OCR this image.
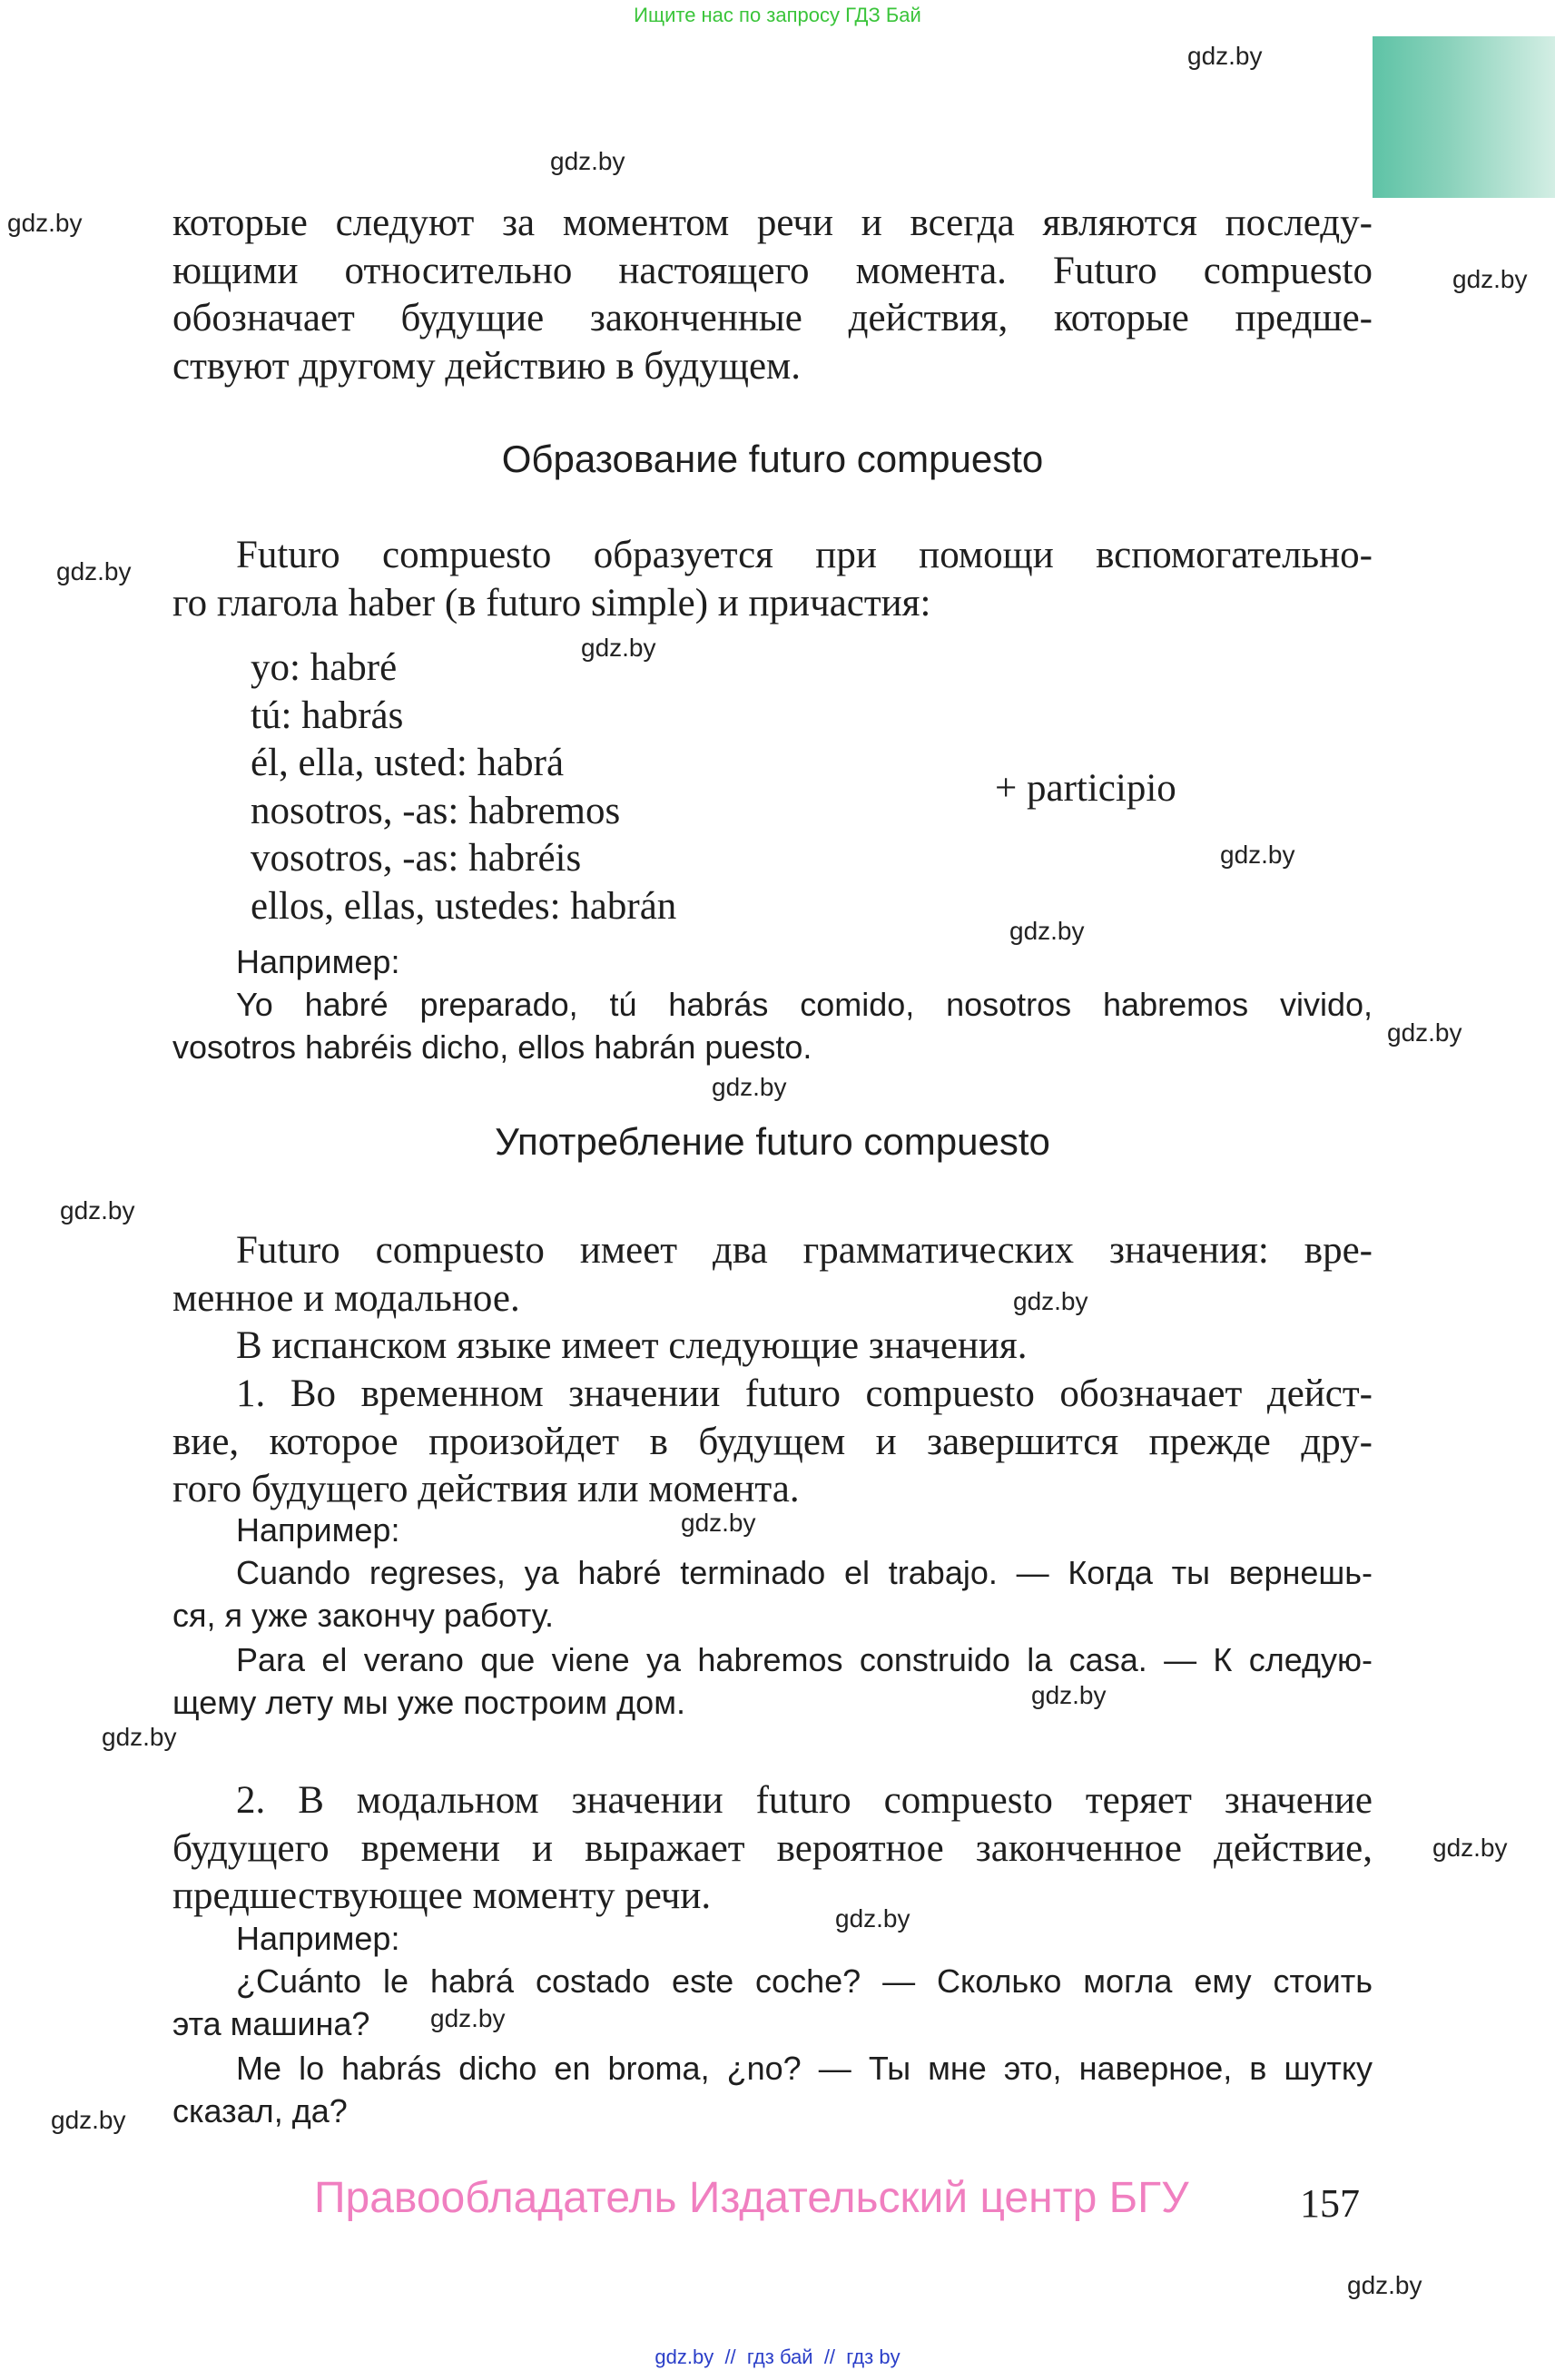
Ищите нас по запросу ГДЗ Бай
gdz.by
gdz.by
gdz.by
gdz.by
gdz.by
gdz.by
gdz.by
gdz.by
gdz.by
gdz.by
gdz.by
gdz.by
gdz.by
gdz.by
gdz.by
gdz.by
gdz.by
gdz.by
gdz.by
gdz.by
которые следуют за моментом речи и всегда являются последу-
ющими относительно настоящего момента. Futuro compuesto
обозначает будущие законченные действия, которые предше-
ствуют другому действию в будущем.
Образование futuro compuesto
Futuro compuesto образуется при помощи вспомогательно-
го глагола haber (в futuro simple) и причастия:
yo: habré
tú: habrás
él, ella, usted: habrá
nosotros, -as: habremos
vosotros, -as: habréis
ellos, ellas, ustedes: habrán
+ participio
Например:
Yo habré preparado, tú habrás comido, nosotros habremos vivido,
vosotros habréis dicho, ellos habrán puesto.
Употребление futuro compuesto
Futuro compuesto имеет два грамматических значения: вре-
менное и модальное.
В испанском языке имеет следующие значения.
1. Во временном значении futuro compuesto обозначает дейст-
вие, которое произойдет в будущем и завершится прежде дру-
гого будущего действия или момента.
Например:
Cuando regreses, ya habré terminado el trabajo. — Когда ты вернешь-
ся, я уже закончу работу.
Para el verano que viene ya habremos construido la casa. — К следую-
щему лету мы уже построим дом.
2. В модальном значении futuro compuesto теряет значение
будущего времени и выражает вероятное законченное действие,
предшествующее моменту речи.
Например:
¿Cuánto le habrá costado este coche? — Сколько могла ему стоить
эта машина?
Me lo habrás dicho en broma, ¿no? — Ты мне это, наверное, в шутку
сказал, да?
Правообладатель Издательский центр БГУ	157
gdz.by  //  гдз бай  //  гдз by
